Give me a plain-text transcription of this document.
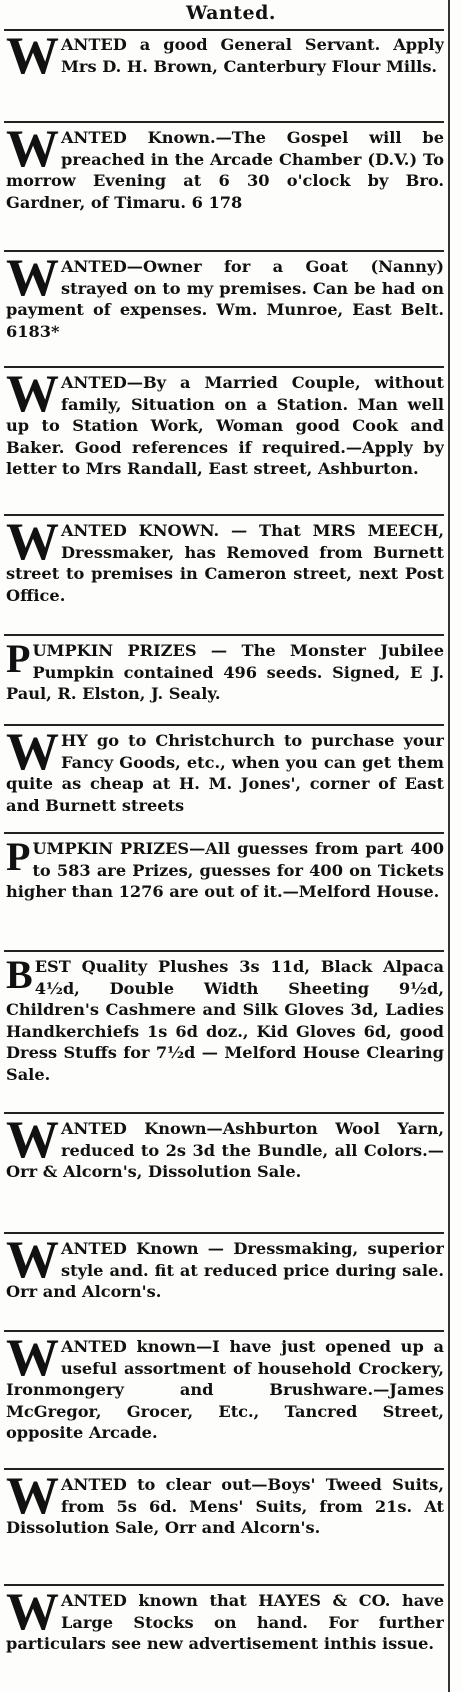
Wanted.
WANTED a good General Servant. Apply Mrs D. H. Brown, Canterbury Flour Mills.
WANTED Known.—The Gospel will be preached in the Arcade Chamber (D.V.) To morrow Evening at 6 30 o'clock by Bro. Gardner, of Timaru. 6 178
WANTED—Owner for a Goat (Nanny) strayed on to my premises. Can be had on payment of expenses. Wm. Munroe, East Belt. 6183*
WANTED—By a Married Couple, without family, Situation on a Station. Man well up to Station Work, Woman good Cook and Baker. Good references if required.—Apply by letter to Mrs Randall, East street, Ashburton.
WANTED KNOWN. — That MRS MEECH, Dressmaker, has Removed from Burnett street to premises in Cameron street, next Post Office.
PUMPKIN PRIZES — The Monster Jubilee Pumpkin contained 496 seeds. Signed, E J. Paul, R. Elston, J. Sealy.
WHY go to Christchurch to purchase your Fancy Goods, etc., when you can get them quite as cheap at H. M. Jones', corner of East and Burnett streets
PUMPKIN PRIZES—All guesses from part 400 to 583 are Prizes, guesses for 400 on Tickets higher than 1276 are out of it.—Melford House.
BEST Quality Plushes 3s 11d, Black Alpaca 4½d, Double Width Sheeting 9½d, Children's Cashmere and Silk Gloves 3d, Ladies Handkerchiefs 1s 6d doz., Kid Gloves 6d, good Dress Stuffs for 7½d — Melford House Clearing Sale.
WANTED Known—Ashburton Wool Yarn, reduced to 2s 3d the Bundle, all Colors.—Orr & Alcorn's, Dissolution Sale.
WANTED Known — Dressmaking, superior style and. fit at reduced price during sale. Orr and Alcorn's.
WANTED known—I have just opened up a useful assortment of household Crockery, Ironmongery and Brushware.—James McGregor, Grocer, Etc., Tancred Street, opposite Arcade.
WANTED to clear out—Boys' Tweed Suits, from 5s 6d. Mens' Suits, from 21s. At Dissolution Sale, Orr and Alcorn's.
WANTED known that HAYES & CO. have Large Stocks on hand. For further particulars see new advertisement inthis issue.
